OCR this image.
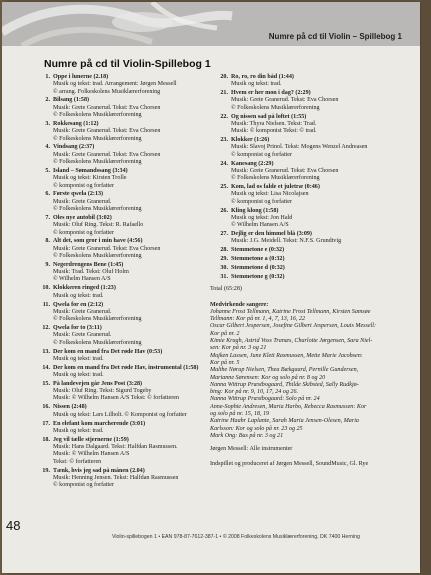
Numre på cd til Violin – Spillebog 1
Numre på cd til Violin-Spillebog 1
1. Oppe i lunerne (2.18)
Musik og tekst: trad. Arrangement: Jørgen Messell
© arrang. Folkeskolens Musiklærerforening
2. Bilsang (1:58)
Musik: Grete Granerud. Tekst: Eva Chorsen
© Folkeskolens Musiklærerforening
3. Rokkesang (1:12)
Musik: Grete Granerud. Tekst: Eva Chorsen
© Folkeskolens Musiklærerforening
4. Vindsang (2:37)
Musik: Grete Granerud. Tekst: Eva Chorsen
© Folkeskolens Musiklærerforening
5. Island – Sømandssang (3:34)
Musik og tekst: Kirsten Trolle
© komponist og forfatter
6. Første qwela (2:13)
Musik: Grete Granerud.
© Folkeskolens Musiklærerforening
7. Oles nye autobil (3:02)
Musik: Oluf Ring. Tekst: R. Rafaello
© komponist og forfatter
8. Alt det, som gror i min have (4:56)
Musik: Grete Granerud. Tekst: Eva Chorsen
© Folkeskolens Musiklærerforening
9. Negerdrengens Bene (1:45)
Musik: Trad. Tekst: Oluf Holm
© Wilhelm Hansen A/S
10. Klokkeren ringed (1:23)
Musik og tekst: trad.
11. Qwela for en (2:12)
Musik: Grete Granerud.
© Folkeskolens Musiklærerforening
12. Qwela for to (3:11)
Musik: Grete Granerud.
© Folkeskolens Musiklærerforening
13. Der kom en mand fra Det røde Hav (0:53)
Musik og tekst: trad.
14. Der kom en mand fra Det røde Hav, instrumental (1:58)
Musik og tekst: trad.
15. På landevejen går Jens Post (3:28)
Musik: Oluf Ring. Tekst: Sigurd Togeby
Musik: © Wilhelm Hansen A/S Tekst: © forfatteren
16. Nissen (2:48)
Musik og tekst: Lars Lilholt. © Komponist og forfatter
17. En elefant kom marcherende (3:01)
Musik og tekst: trad.
18. Jeg vil tælle stjernerne (1:59)
Musik: Hans Dalgaard. Tekst: Halfdan Rasmussen.
Musik: © Wilhelm Hansen A/S
Tekst: © forfatteren
19. Tænk, hvis jeg sad på månen (2.04)
Musik: Henning Jensen. Tekst: Halfdan Rasmussen
© komponist og forfatter
20. Ro, ro, ro din båd (1:44)
Musik og tekst: trad.
21. Hvem er her mon i dag? (2:29)
Musik: Grete Granerud. Tekst: Eva Chorsen
© Folkeskolens Musiklærerforening
22. Og nissen sad på loftet (1:55)
Musik: Thyra Nielsen. Tekst: Trad.
Musik: © komponist Tekst: © trad.
23. Klokker (1:26)
Musik: Slavoj Prinol. Tekst: Mogens Wenzel Andreasen
© komponist og forfatter
24. Kanesang (2:29)
Musik: Grete Granerud. Tekst: Eva Chorsen
© Folkeskolens Musiklærerforening
25. Kom, lad os falde et juletræ (0:46)
Musik og tekst: Lisa Nicolajsen
© komponist og forfatter
26. Kling klong (1:58)
Musik og tekst: Jon Hald
© Wilhelm Hansen A/S
27. Dejlig er den himmel blå (3:09)
Musik: J.G. Meidell. Tekst: N.F.S. Grundtvig
28. Stemmetone e (0:32)
29. Stemmetone a (0:32)
30. Stemmetone d (0:32)
31. Stemmetone g (0:32)
Total (65:28)
Medvirkende sangere:
Johanne Frost Tellmann, Katrine Frost Tellmann, Kirsten Samsøe
Tellmann: Kor på nr. 1, 4, 7, 13, 16, 22
Oscar Gilbert Jespersen, Josefine Gilbert Jespersen, Louis Messell:
Kor på nr. 2
Kimie Kragh, Astrid Voss Tranæs, Charlotte Jørgensen, Sara Niel-
sen: Kor på nr. 3 og 21
Majken Lassen, June Klett Rasmussen, Mette Marie Jacobsen:
Kor på nr. 5
Malthe Nørup Nielsen, Thea Bækgaard, Pernille Gundersen,
Marianne Sørensen: Kor og solo på nr. 8 og 20
Nanna Wittrup Præstbogaard, Thilde Skibsted, Sally Rudkjø-
bing: Kor på nr. 9, 10, 17, 24 og 26.
Nanna Wittrup Præstbogaard: Solo på nr. 24
Anne-Sophie Andresen, Maria Harbo, Rebecca Rasmussen: Kor
og solo på nr. 15, 18, 19
Katrine Haahr Laplante, Sarah Maria Jensen-Olesen, Maria
Karlsson: Kor og solo på nr. 23 og 25
Mark Ong: Bas på nr. 3 og 21
Jørgen Messell: Alle instrumenter
Indspillet og produceret af Jørgen Messell, SoundMusic, Gl. Rye
48
Violin-spillebogen 1 • EAN 978-87-7612-387-1 • © 2008 Folkeskolens Musiklærerforening, DK 7400 Herning
